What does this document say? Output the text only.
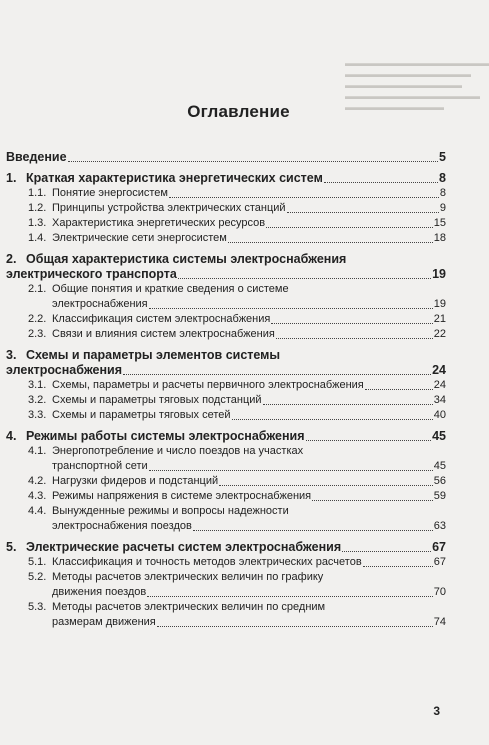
▬▬▬▬▬▬▬▬▬▬▬▬▬▬▬▬
▬▬▬▬▬▬▬▬▬▬▬▬▬▬
▬▬▬▬▬▬▬▬▬▬▬▬▬
▬▬▬▬▬▬▬▬▬▬▬▬▬▬▬
▬▬▬▬▬▬▬▬▬▬▬
Оглавление
Введение	5
1. Краткая характеристика энергетических систем	8
1.1. Понятие энергосистем	8
1.2. Принципы устройства электрических станций	9
1.3. Характеристика энергетических ресурсов	15
1.4. Электрические сети энергосистем	18
2. Общая характеристика системы электроснабжения
электрического транспорта	19
2.1. Общие понятия и краткие сведения о системе
электроснабжения	19
2.2. Классификация систем электроснабжения	21
2.3. Связи и влияния систем электроснабжения	22
3. Схемы и параметры элементов системы
электроснабжения	24
3.1. Схемы, параметры и расчеты первичного электроснабжения	24
3.2. Схемы и параметры тяговых подстанций	34
3.3. Схемы и параметры тяговых сетей	40
4. Режимы работы системы электроснабжения	45
4.1. Энергопотребление и число поездов на участках
транспортной сети	45
4.2. Нагрузки фидеров и подстанций	56
4.3. Режимы напряжения в системе электроснабжения	59
4.4. Вынужденные режимы и вопросы надежности
электроснабжения поездов	63
5. Электрические расчеты систем электроснабжения	67
5.1. Классификация и точность методов электрических расчетов	67
5.2. Методы расчетов электрических величин по графику
движения поездов	70
5.3. Методы расчетов электрических величин по средним
размерам движения	74
3
